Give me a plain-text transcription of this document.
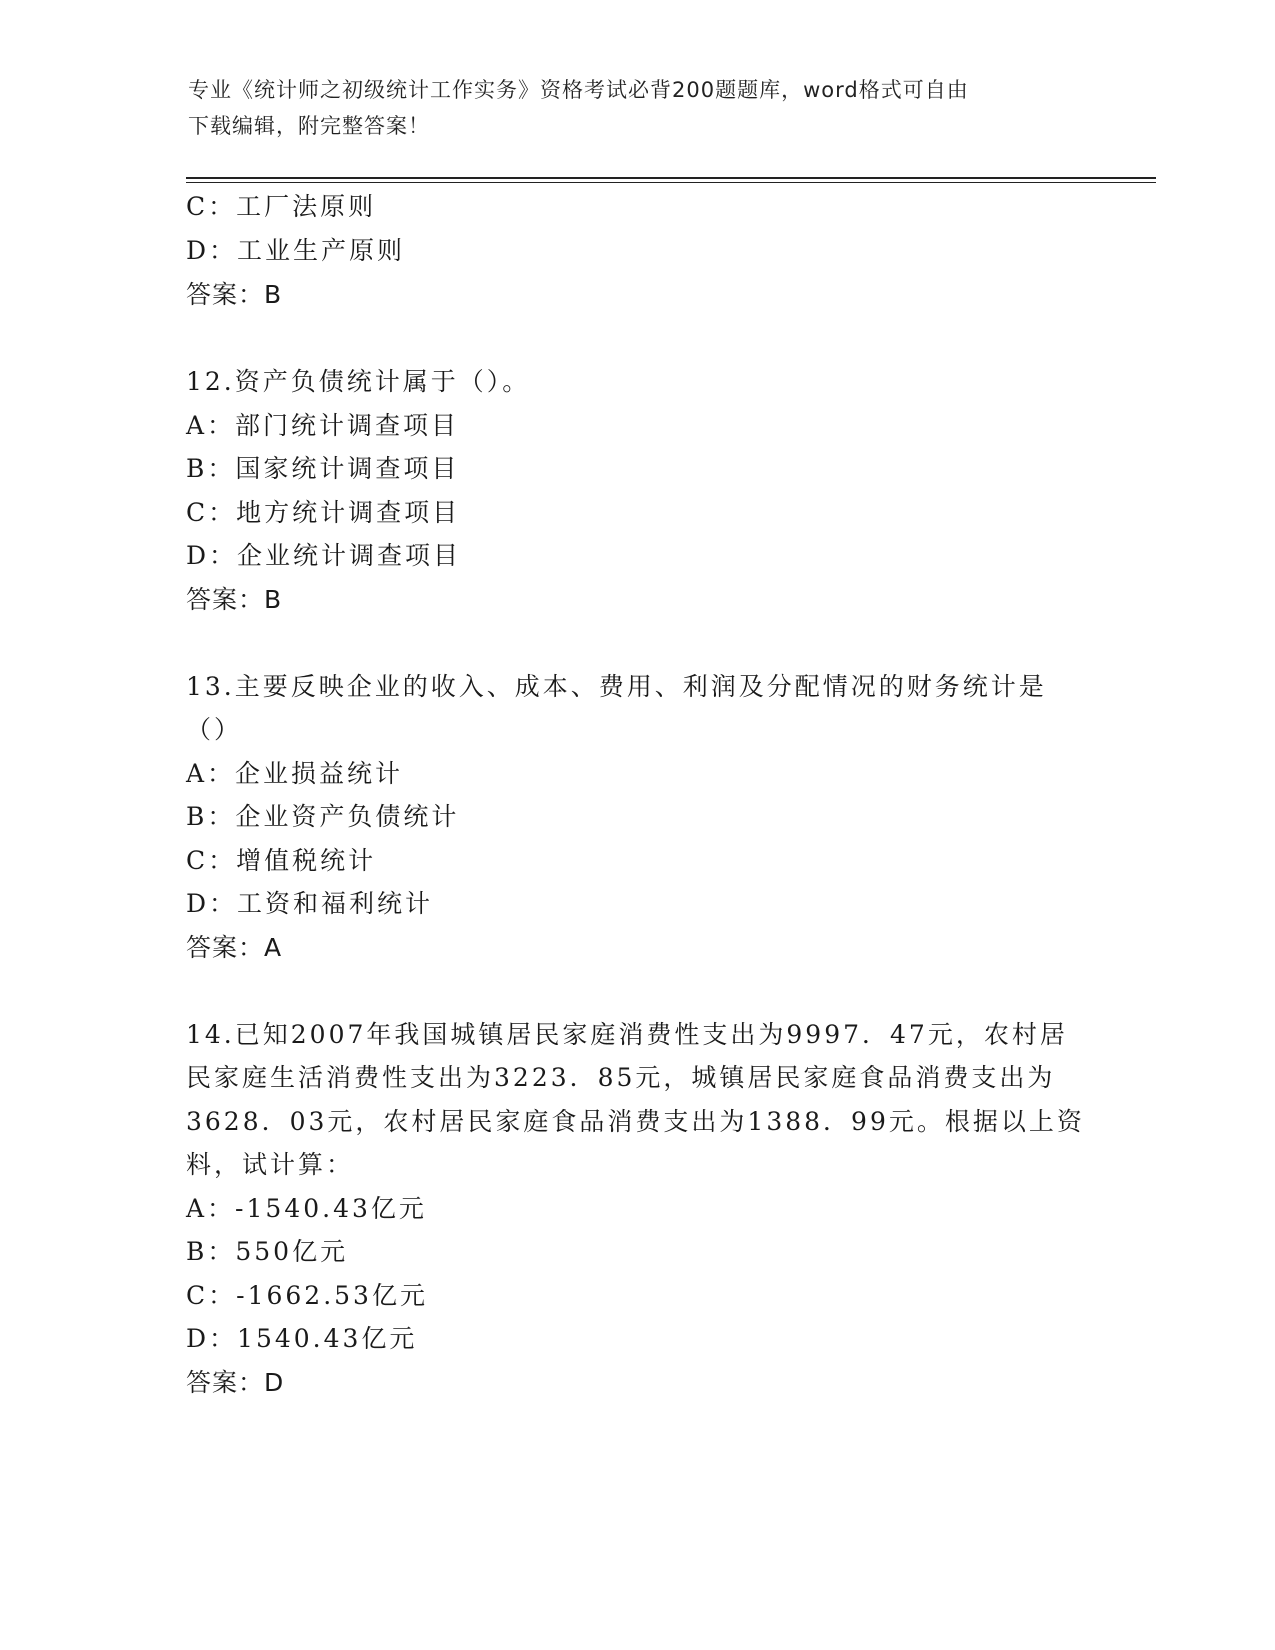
专业《统计师之初级统计工作实务》资格考试必背200题题库，word格式可自由
下载编辑，附完整答案！
C：工厂法原则
D：工业生产原则
答案：B
12.资产负债统计属于（）。
A：部门统计调查项目
B：国家统计调查项目
C：地方统计调查项目
D：企业统计调查项目
答案：B
13.主要反映企业的收入、成本、费用、利润及分配情况的财务统计是
（）
A：企业损益统计
B：企业资产负债统计
C：增值税统计
D：工资和福利统计
答案：A
14.已知2007年我国城镇居民家庭消费性支出为9997．47元，农村居
民家庭生活消费性支出为3223．85元，城镇居民家庭食品消费支出为
3628．03元，农村居民家庭食品消费支出为1388．99元。根据以上资
料，试计算：
A：-1540.43亿元
B：550亿元
C：-1662.53亿元
D：1540.43亿元
答案：D
